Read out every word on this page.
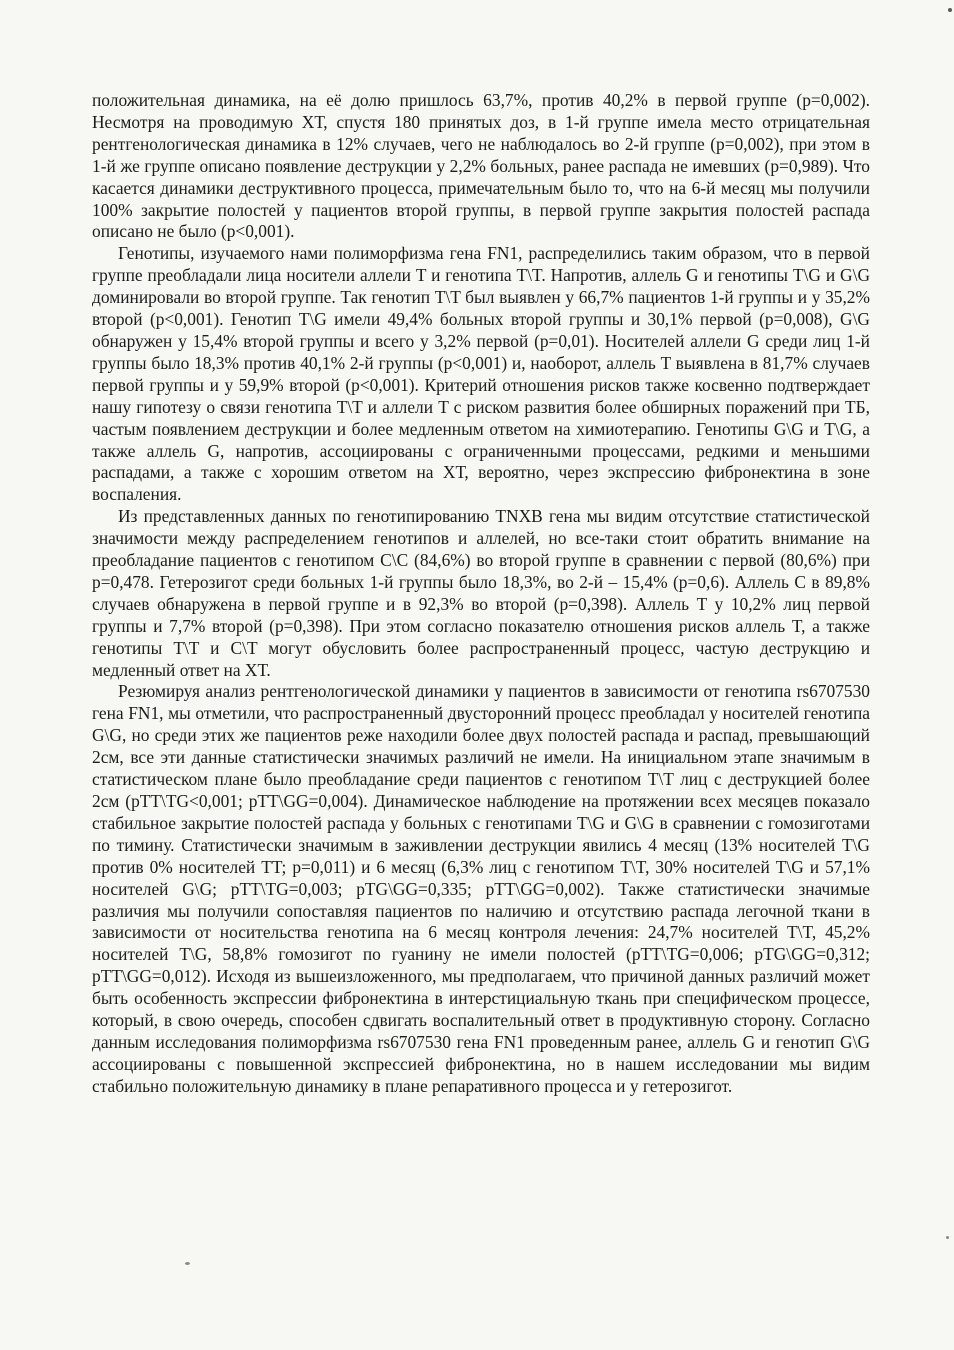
положительная динамика, на её долю пришлось 63,7%, против 40,2% в первой группе (p=0,002). Несмотря на проводимую ХТ, спустя 180 принятых доз, в 1-й группе имела место отрицательная рентгенологическая динамика в 12% случаев, чего не наблюдалось во 2-й группе (p=0,002), при этом в 1-й же группе описано появление деструкции у 2,2% больных, ранее распада не имевших (p=0,989). Что касается динамики деструктивного процесса, примечательным было то, что на 6-й месяц мы получили 100% закрытие полостей у пациентов второй группы, в первой группе закрытия полостей распада описано не было (p<0,001).

Генотипы, изучаемого нами полиморфизма гена FN1, распределились таким образом, что в первой группе преобладали лица носители аллели T и генотипа T\T. Напротив, аллель G и генотипы T\G и G\G доминировали во второй группе. Так генотип T\T был выявлен у 66,7% пациентов 1-й группы и у 35,2% второй (p<0,001). Генотип T\G имели 49,4% больных второй группы и 30,1% первой (p=0,008), G\G обнаружен у 15,4% второй группы и всего у 3,2% первой (p=0,01). Носителей аллели G среди лиц 1-й группы было 18,3% против 40,1% 2-й группы (p<0,001) и, наоборот, аллель T выявлена в 81,7% случаев первой группы и у 59,9% второй (p<0,001). Критерий отношения рисков также косвенно подтверждает нашу гипотезу о связи генотипа T\T и аллели T с риском развития более обширных поражений при ТБ, частым появлением деструкции и более медленным ответом на химиотерапию. Генотипы G\G и T\G, а также аллель G, напротив, ассоциированы с ограниченными процессами, редкими и меньшими распадами, а также с хорошим ответом на ХТ, вероятно, через экспрессию фибронектина в зоне воспаления.

Из представленных данных по генотипированию TNXB гена мы видим отсутствие статистической значимости между распределением генотипов и аллелей, но все-таки стоит обратить внимание на преобладание пациентов с генотипом C\C (84,6%) во второй группе в сравнении с первой (80,6%) при p=0,478. Гетерозигот среди больных 1-й группы было 18,3%, во 2-й – 15,4% (p=0,6). Аллель C в 89,8% случаев обнаружена в первой группе и в 92,3% во второй (p=0,398). Аллель T у 10,2% лиц первой группы и 7,7% второй (p=0,398). При этом согласно показателю отношения рисков аллель T, а также генотипы T\T и C\T могут обусловить более распространенный процесс, частую деструкцию и медленный ответ на ХТ.

Резюмируя анализ рентгенологической динамики у пациентов в зависимости от генотипа rs6707530 гена FN1, мы отметили, что распространенный двусторонний процесс преобладал у носителей генотипа G\G, но среди этих же пациентов реже находили более двух полостей распада и распад, превышающий 2см, все эти данные статистически значимых различий не имели. На инициальном этапе значимым в статистическом плане было преобладание среди пациентов с генотипом T\T лиц с деструкцией более 2см (pTT\TG<0,001; pTT\GG=0,004). Динамическое наблюдение на протяжении всех месяцев показало стабильное закрытие полостей распада у больных с генотипами T\G и G\G в сравнении с гомозиготами по тимину. Статистически значимым в заживлении деструкции явились 4 месяц (13% носителей T\G против 0% носителей TT; p=0,011) и 6 месяц (6,3% лиц с генотипом T\T, 30% носителей T\G и 57,1% носителей G\G; pTT\TG=0,003; pTG\GG=0,335; pTT\GG=0,002). Также статистически значимые различия мы получили сопоставляя пациентов по наличию и отсутствию распада легочной ткани в зависимости от носительства генотипа на 6 месяц контроля лечения: 24,7% носителей T\T, 45,2% носителей T\G, 58,8% гомозигот по гуанину не имели полостей (pTT\TG=0,006; pTG\GG=0,312; pTT\GG=0,012). Исходя из вышеизложенного, мы предполагаем, что причиной данных различий может быть особенность экспрессии фибронектина в интерстициальную ткань при специфическом процессе, который, в свою очередь, способен сдвигать воспалительный ответ в продуктивную сторону. Согласно данным исследования полиморфизма rs6707530 гена FN1 проведенным ранее, аллель G и генотип G\G ассоциированы с повышенной экспрессией фибронектина, но в нашем исследовании мы видим стабильно положительную динамику в плане репаративного процесса и у гетерозигот.
